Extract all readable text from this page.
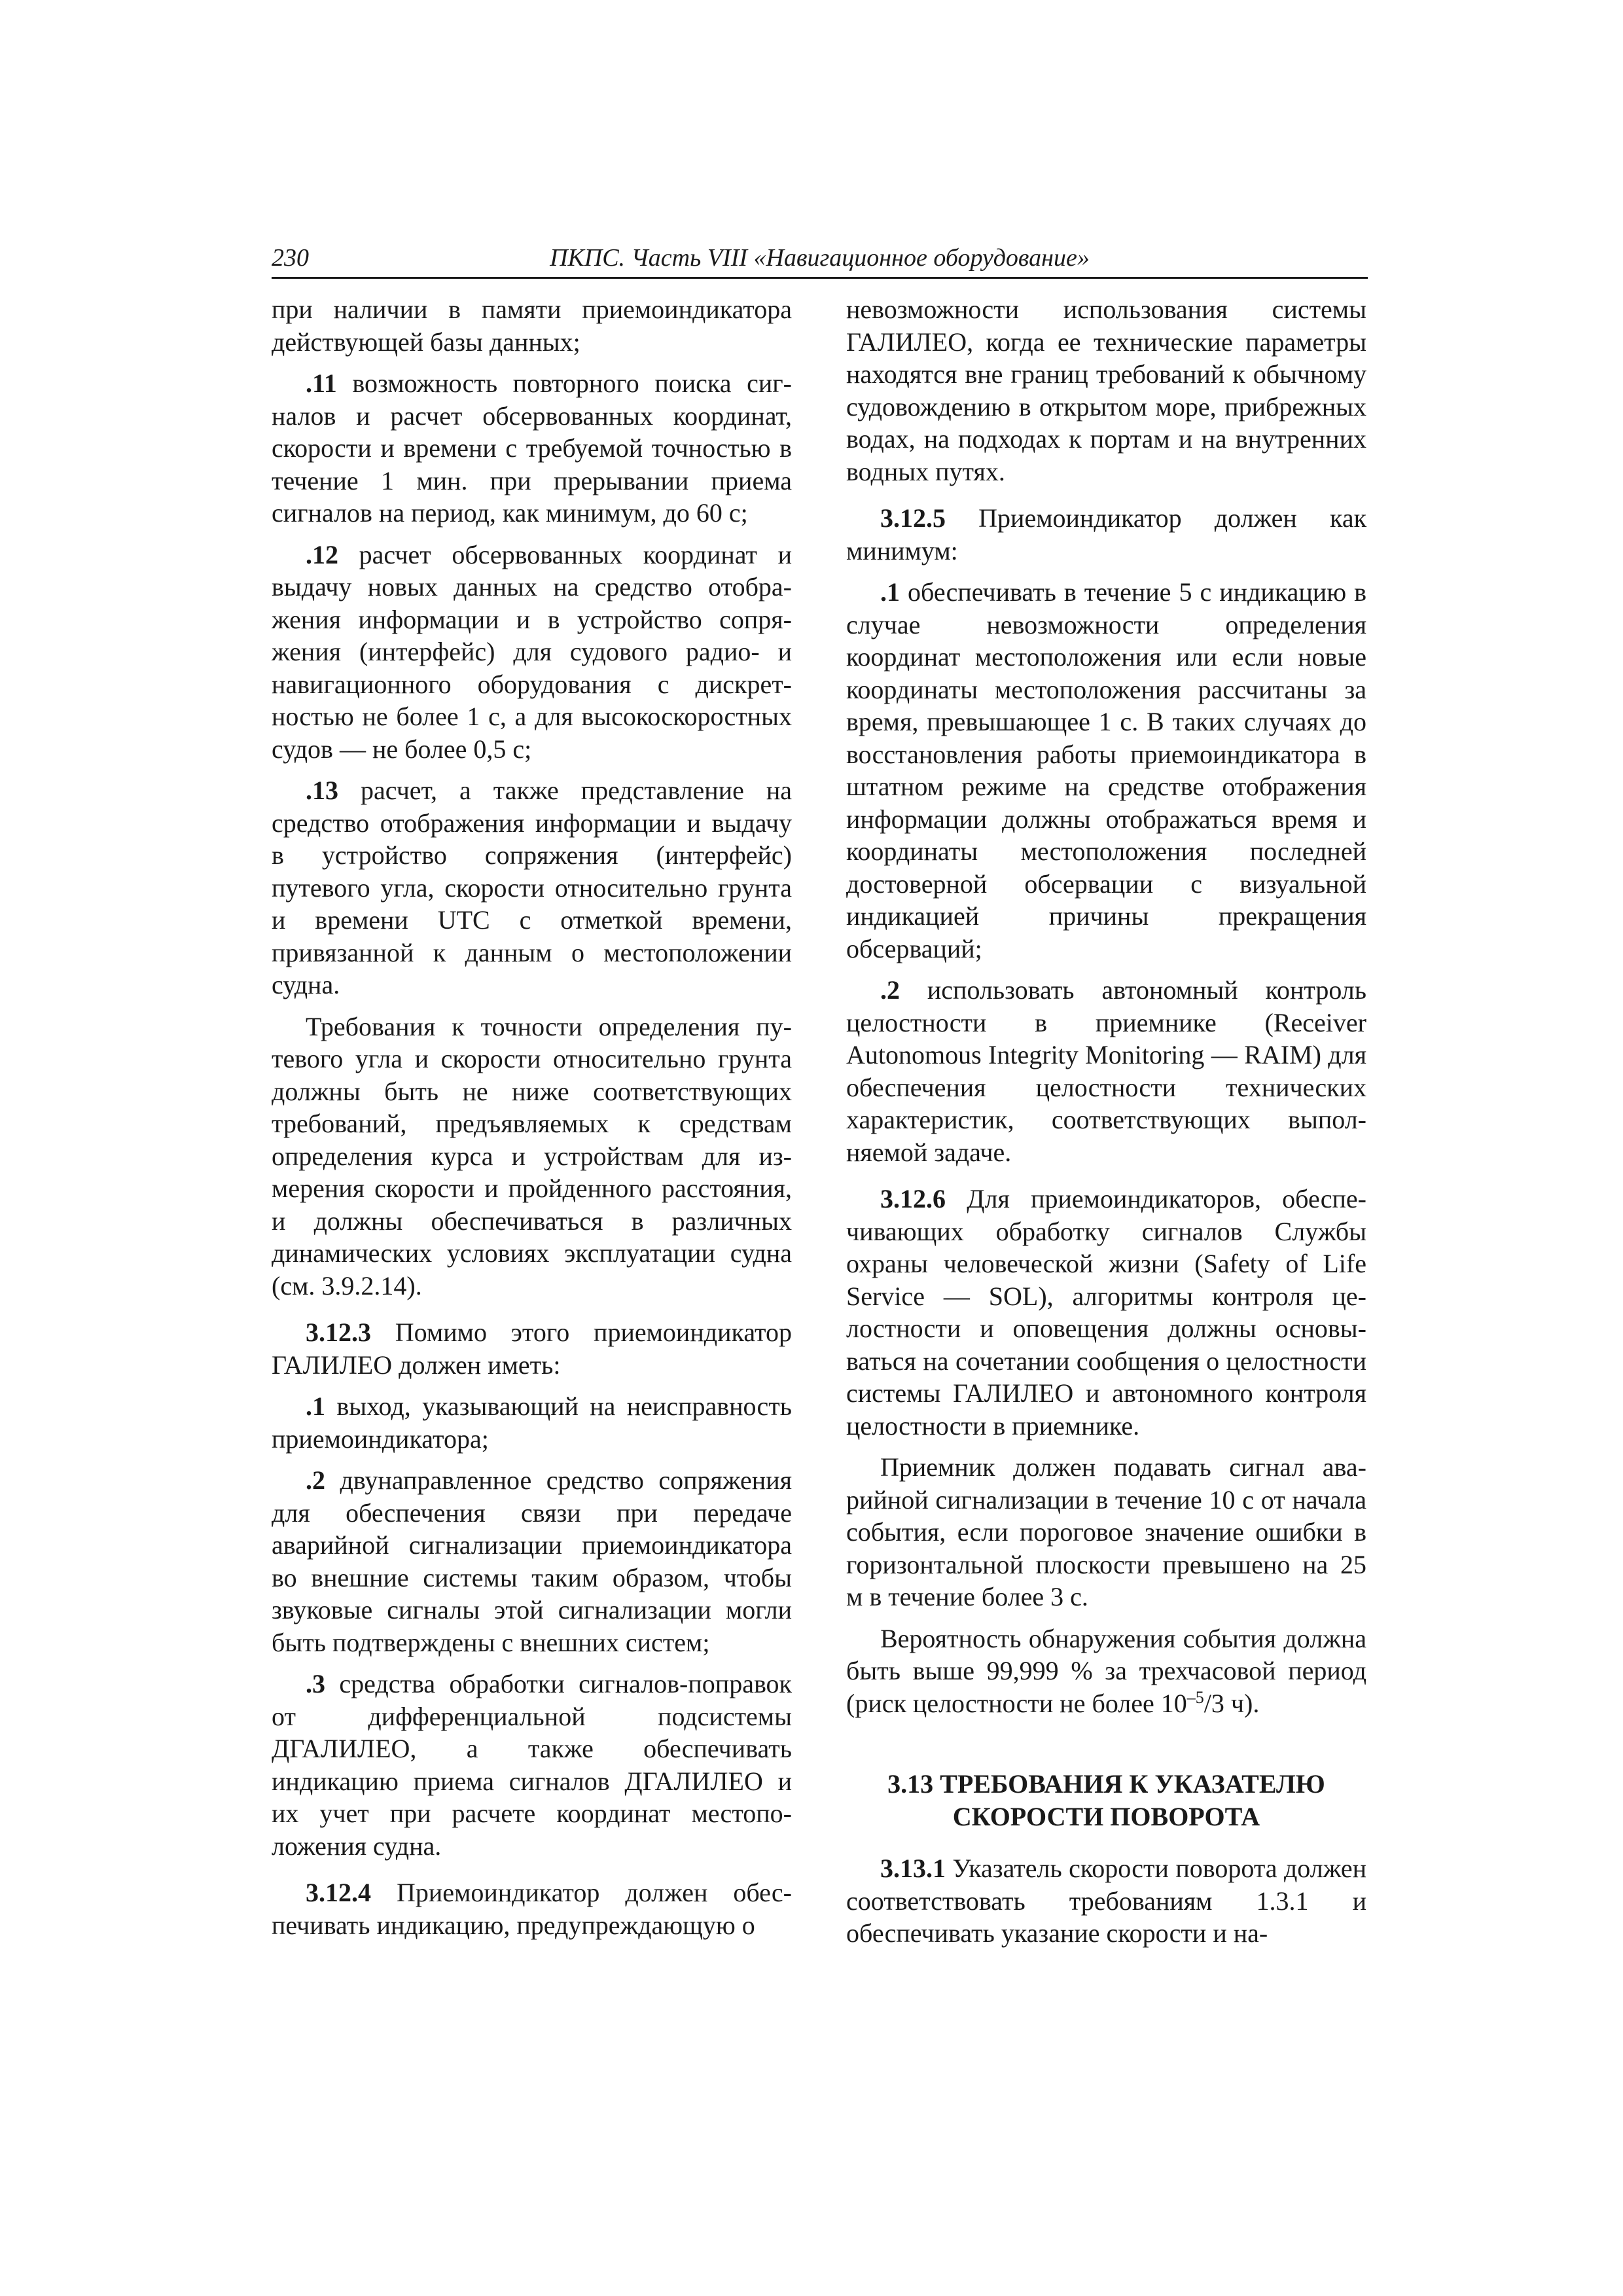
230	ПКПС. Часть VIII «Навигационное оборудование»

при наличии в памяти приемоиндикатора действующей базы данных;

.11 возможность повторного поиска сигналов и расчет обсервованных координат, скорости и времени с требуемой точностью в течение 1 мин. при прерывании приема сигналов на период, как минимум, до 60 с;

.12 расчет обсервованных координат и выдачу новых данных на средство отображения информации и в устройство сопряжения (интерфейс) для судового радио- и навигационного оборудования с дискретностью не более 1 с, а для высокоскоростных судов — не более 0,5 с;

.13 расчет, а также представление на средство отображения информации и выдачу в устройство сопряжения (интерфейс) путевого угла, скорости относительно грунта и времени UTC с отметкой времени, привязанной к данным о местоположении судна.

Требования к точности определения путевого угла и скорости относительно грунта должны быть не ниже соответствующих требований, предъявляемых к средствам определения курса и устройствам для измерения скорости и пройденного расстояния, и должны обеспечиваться в различных динамических условиях эксплуатации судна (см. 3.9.2.14).

3.12.3 Помимо этого приемоиндикатор ГАЛИЛЕО должен иметь:

.1 выход, указывающий на неисправность приемоиндикатора;

.2 двунаправленное средство сопряжения для обеспечения связи при передаче аварийной сигнализации приемоиндикатора во внешние системы таким образом, чтобы звуковые сигналы этой сигнализации могли быть подтверждены с внешних систем;

.3 средства обработки сигналов-поправок от дифференциальной подсистемы ДГАЛИЛЕО, а также обеспечивать индикацию приема сигналов ДГАЛИЛЕО и их учет при расчете координат местоположения судна.

3.12.4 Приемоиндикатор должен обеспечивать индикацию, предупреждающую о

невозможности использования системы ГАЛИЛЕО, когда ее технические параметры находятся вне границ требований к обычному судовождению в открытом море, прибрежных водах, на подходах к портам и на внутренних водных путях.

3.12.5 Приемоиндикатор должен как минимум:

.1 обеспечивать в течение 5 с индикацию в случае невозможности определения координат местоположения или если новые координаты местоположения рассчитаны за время, превышающее 1 с. В таких случаях до восстановления работы приемоиндикатора в штатном режиме на средстве отображения информации должны отображаться время и координаты местоположения последней достоверной обсервации с визуальной индикацией причины прекращения обсерваций;

.2 использовать автономный контроль целостности в приемнике (Receiver Autonomous Integrity Monitoring — RAIM) для обеспечения целостности технических характеристик, соответствующих выполняемой задаче.

3.12.6 Для приемоиндикаторов, обеспечивающих обработку сигналов Службы охраны человеческой жизни (Safety of Life Service — SOL), алгоритмы контроля целостности и оповещения должны основываться на сочетании сообщения о целостности системы ГАЛИЛЕО и автономного контроля целостности в приемнике.

Приемник должен подавать сигнал аварийной сигнализации в течение 10 с от начала события, если пороговое значение ошибки в горизонтальной плоскости превышено на 25 м в течение более 3 с.

Вероятность обнаружения события должна быть выше 99,999 % за трехчасовой период (риск целостности не более $10^{-5}/3$ ч).

3.13 ТРЕБОВАНИЯ К УКАЗАТЕЛЮ
СКОРОСТИ ПОВОРОТА

3.13.1 Указатель скорости поворота должен соответствовать требованиям 1.3.1 и обеспечивать указание скорости и на-
